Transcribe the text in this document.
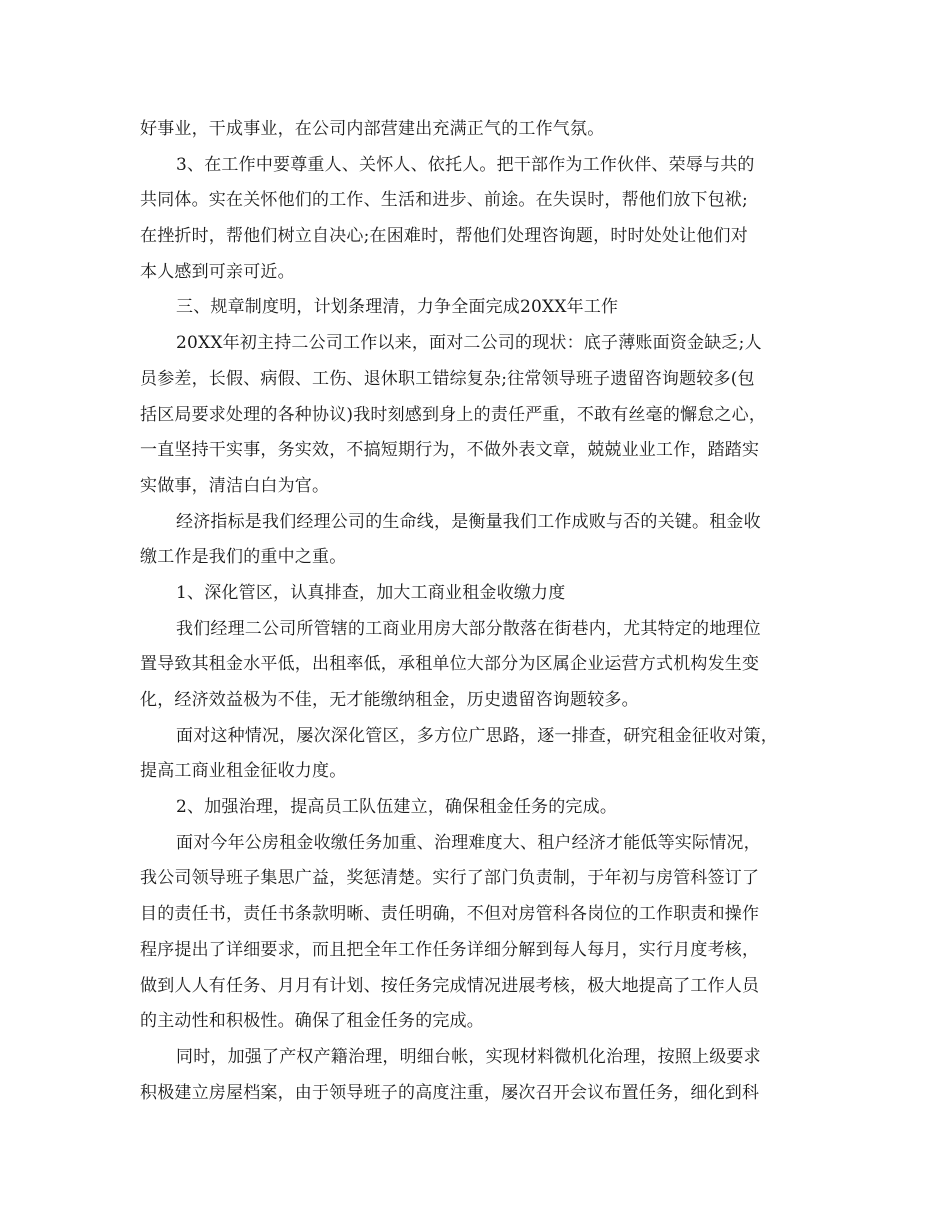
好事业，干成事业，在公司内部营建出充满正气的工作气氛。
3、在工作中要尊重人、关怀人、依托人。把干部作为工作伙伴、荣辱与共的
共同体。实在关怀他们的工作、生活和进步、前途。在失误时，帮他们放下包袱;
在挫折时，帮他们树立自决心;在困难时，帮他们处理咨询题，时时处处让他们对
本人感到可亲可近。
三、规章制度明，计划条理清，力争全面完成20XX年工作
20XX年初主持二公司工作以来，面对二公司的现状：底子薄账面资金缺乏;人
员参差，长假、病假、工伤、退休职工错综复杂;往常领导班子遗留咨询题较多(包
括区局要求处理的各种协议)我时刻感到身上的责任严重，不敢有丝毫的懈怠之心，
一直坚持干实事，务实效，不搞短期行为，不做外表文章，兢兢业业工作，踏踏实
实做事，清洁白白为官。
经济指标是我们经理公司的生命线，是衡量我们工作成败与否的关键。租金收
缴工作是我们的重中之重。
1、深化管区，认真排查，加大工商业租金收缴力度
我们经理二公司所管辖的工商业用房大部分散落在街巷内，尤其特定的地理位
置导致其租金水平低，出租率低，承租单位大部分为区属企业运营方式机构发生变
化，经济效益极为不佳，无才能缴纳租金，历史遗留咨询题较多。
面对这种情况，屡次深化管区，多方位广思路，逐一排查，研究租金征收对策，
提高工商业租金征收力度。
2、加强治理，提高员工队伍建立，确保租金任务的完成。
面对今年公房租金收缴任务加重、治理难度大、租户经济才能低等实际情况，
我公司领导班子集思广益，奖惩清楚。实行了部门负责制，于年初与房管科签订了
目的责任书，责任书条款明晰、责任明确，不但对房管科各岗位的工作职责和操作
程序提出了详细要求，而且把全年工作任务详细分解到每人每月，实行月度考核，
做到人人有任务、月月有计划、按任务完成情况进展考核，极大地提高了工作人员
的主动性和积极性。确保了租金任务的完成。
同时，加强了产权产籍治理，明细台帐，实现材料微机化治理，按照上级要求
积极建立房屋档案，由于领导班子的高度注重，屡次召开会议布置任务，细化到科
